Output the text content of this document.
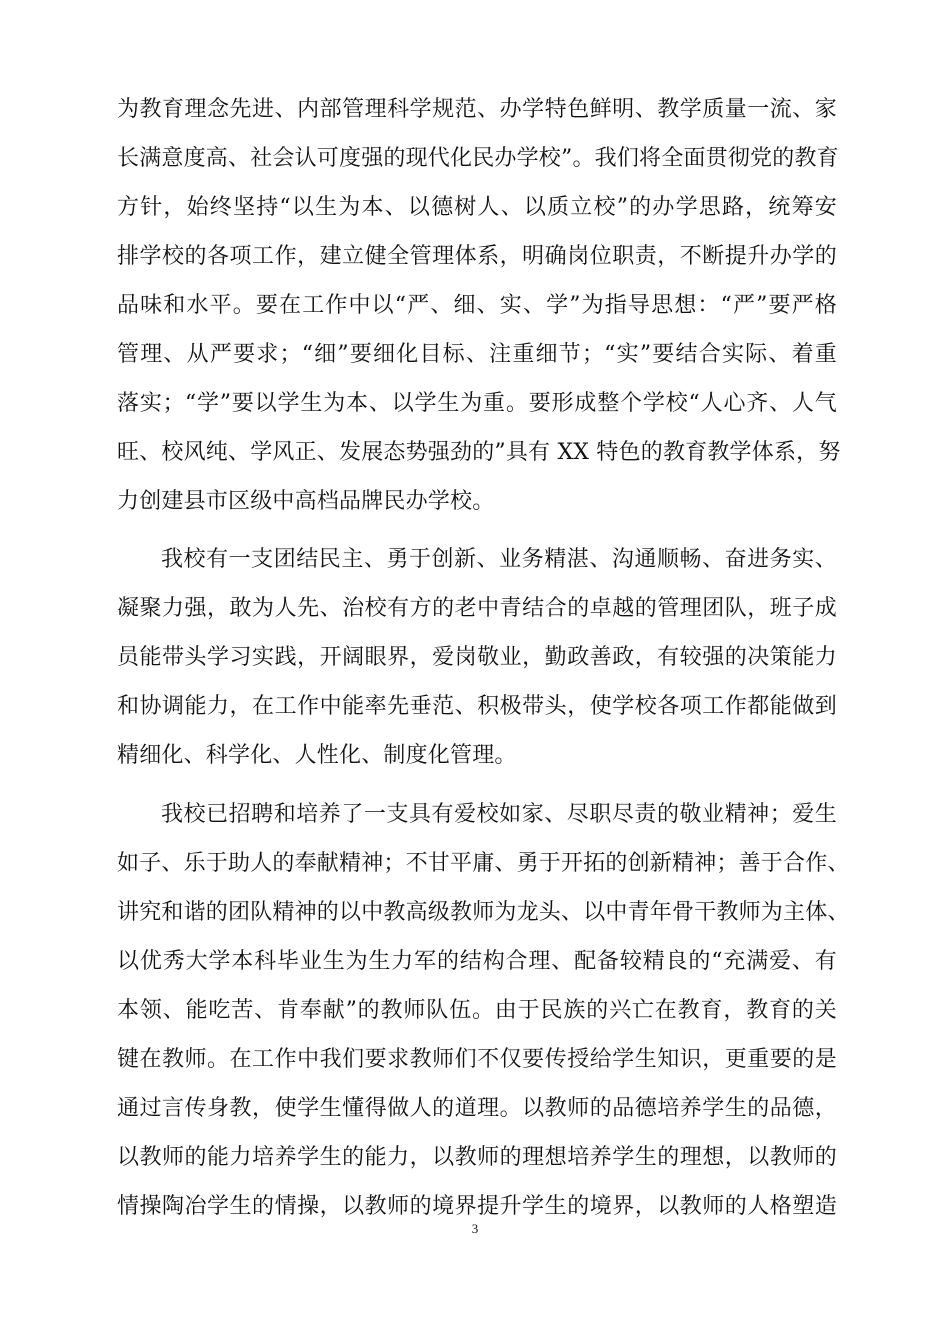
为教育理念先进、内部管理科学规范、办学特色鲜明、教学质量一流、家
长满意度高、社会认可度强的现代化民办学校”。我们将全面贯彻党的教育
方针，始终坚持“以生为本、以德树人、以质立校”的办学思路，统筹安
排学校的各项工作，建立健全管理体系，明确岗位职责，不断提升办学的
品味和水平。要在工作中以“严、细、实、学”为指导思想：“严”要严格
管理、从严要求；“细”要细化目标、注重细节；“实”要结合实际、着重
落实；“学”要以学生为本、以学生为重。要形成整个学校“人心齐、人气
旺、校风纯、学风正、发展态势强劲的”具有 XX 特色的教育教学体系，努
力创建县市区级中高档品牌民办学校。
我校有一支团结民主、勇于创新、业务精湛、沟通顺畅、奋进务实、
凝聚力强，敢为人先、治校有方的老中青结合的卓越的管理团队，班子成
员能带头学习实践，开阔眼界，爱岗敬业，勤政善政，有较强的决策能力
和协调能力，在工作中能率先垂范、积极带头，使学校各项工作都能做到
精细化、科学化、人性化、制度化管理。
我校已招聘和培养了一支具有爱校如家、尽职尽责的敬业精神；爱生
如子、乐于助人的奉献精神；不甘平庸、勇于开拓的创新精神；善于合作、
讲究和谐的团队精神的以中教高级教师为龙头、以中青年骨干教师为主体、
以优秀大学本科毕业生为生力军的结构合理、配备较精良的“充满爱、有
本领、能吃苦、肯奉献”的教师队伍。由于民族的兴亡在教育，教育的关
键在教师。在工作中我们要求教师们不仅要传授给学生知识，更重要的是
通过言传身教，使学生懂得做人的道理。以教师的品德培养学生的品德，
以教师的能力培养学生的能力，以教师的理想培养学生的理想，以教师的
情操陶冶学生的情操，以教师的境界提升学生的境界，以教师的人格塑造
3
